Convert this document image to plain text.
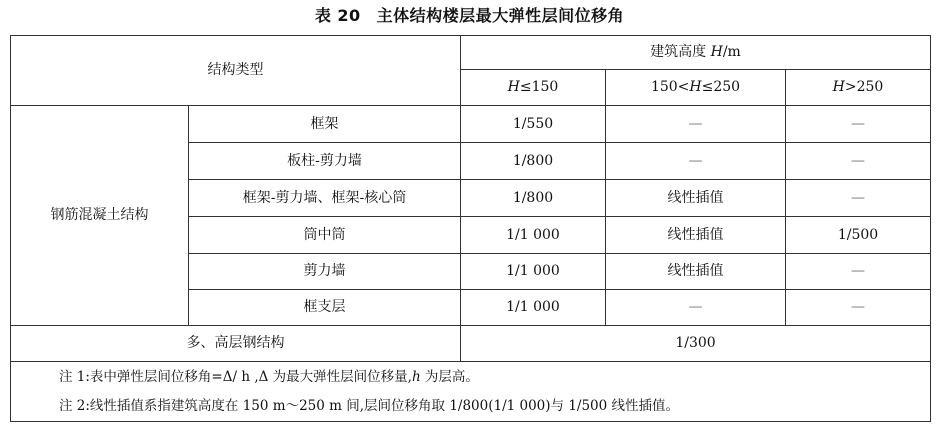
表 20 主体结构楼层最大弹性层间位移角
结构类型		建筑高度 H/m		
		H≤150	150<H≤250	H>250
钢筋混凝土结构	框架	1/550	—	—
	板柱-剪力墙	1/800	—	—
	框架-剪力墙、框架-核心筒	1/800	线性插值	—
	筒中筒	1/1 000	线性插值	1/500
	剪力墙	1/1 000	线性插值	—
	框支层	1/1 000	—	—
多、高层钢结构		1/300		
注 1:表中弹性层间位移角=Δ/ h ,Δ 为最大弹性层间位移量,h 为层高。				
注 2:线性插值系指建筑高度在 150 m～250 m 间,层间位移角取 1/800(1/1 000)与 1/500 线性插值。				
